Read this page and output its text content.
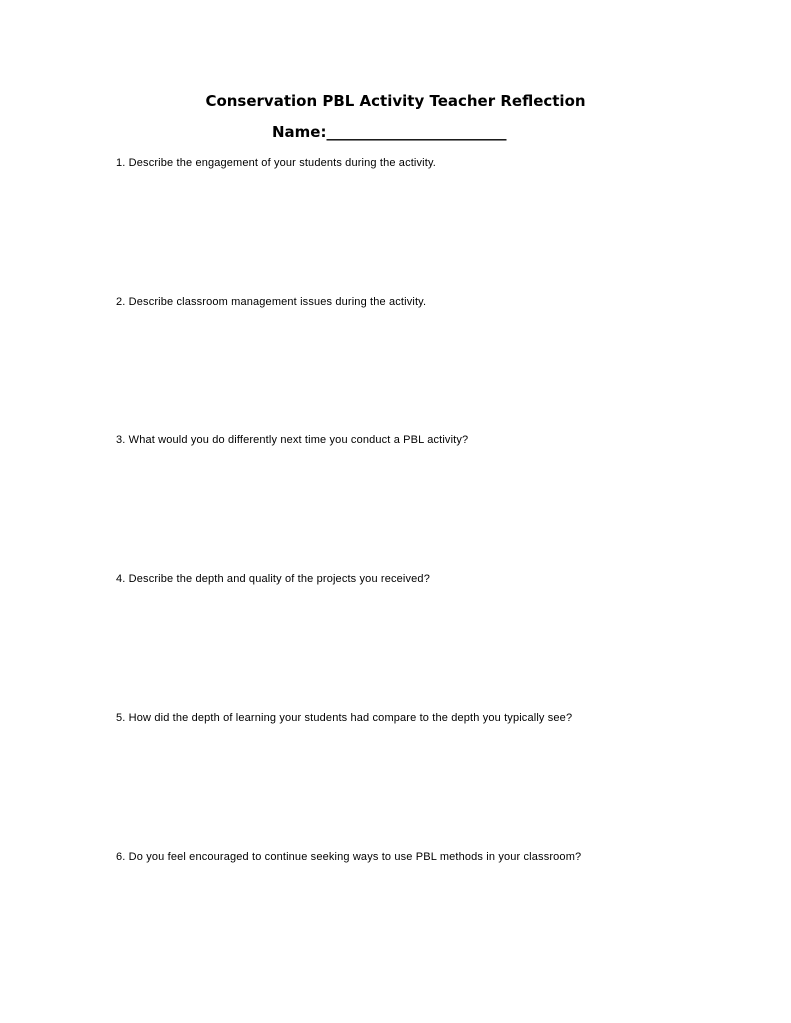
Conservation PBL Activity Teacher Reflection
Name:________________________
1. Describe the engagement of your students during the activity.
2. Describe classroom management issues during the activity.
3. What would you do differently next time you conduct a PBL activity?
4. Describe the depth and quality of the projects you received?
5. How did the depth of learning your students had compare to the depth you typically see?
6. Do you feel encouraged to continue seeking ways to use PBL methods in your classroom?
